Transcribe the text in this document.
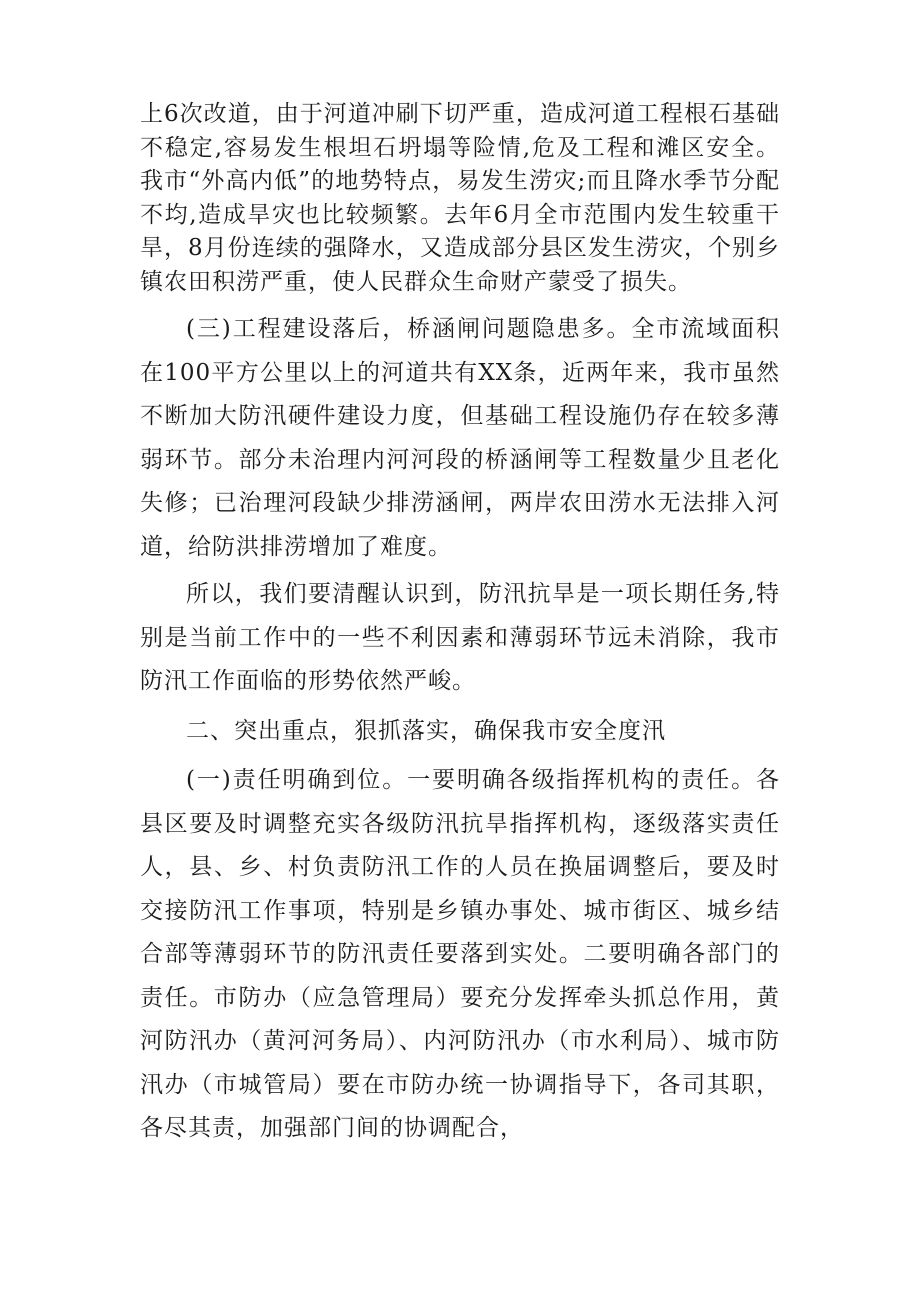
上6次改道，由于河道冲刷下切严重，造成河道工程根石基础不稳定,容易发生根坦石坍塌等险情,危及工程和滩区安全。我市“外高内低”的地势特点，易发生涝灾;而且降水季节分配不均,造成旱灾也比较频繁。去年6月全市范围内发生较重干旱，8月份连续的强降水，又造成部分县区发生涝灾，个别乡镇农田积涝严重，使人民群众生命财产蒙受了损失。

(三)工程建设落后，桥涵闸问题隐患多。全市流域面积在100平方公里以上的河道共有XX条，近两年来，我市虽然不断加大防汛硬件建设力度，但基础工程设施仍存在较多薄弱环节。部分未治理内河河段的桥涵闸等工程数量少且老化失修；已治理河段缺少排涝涵闸，两岸农田涝水无法排入河道，给防洪排涝增加了难度。

所以，我们要清醒认识到，防汛抗旱是一项长期任务,特别是当前工作中的一些不利因素和薄弱环节远未消除，我市防汛工作面临的形势依然严峻。

二、突出重点，狠抓落实，确保我市安全度汛

(一)责任明确到位。一要明确各级指挥机构的责任。各县区要及时调整充实各级防汛抗旱指挥机构，逐级落实责任人，县、乡、村负责防汛工作的人员在换届调整后，要及时交接防汛工作事项，特别是乡镇办事处、城市街区、城乡结合部等薄弱环节的防汛责任要落到实处。二要明确各部门的责任。市防办（应急管理局）要充分发挥牵头抓总作用，黄河防汛办（黄河河务局）、内河防汛办（市水利局）、城市防汛办（市城管局）要在市防办统一协调指导下，各司其职，各尽其责，加强部门间的协调配合，
